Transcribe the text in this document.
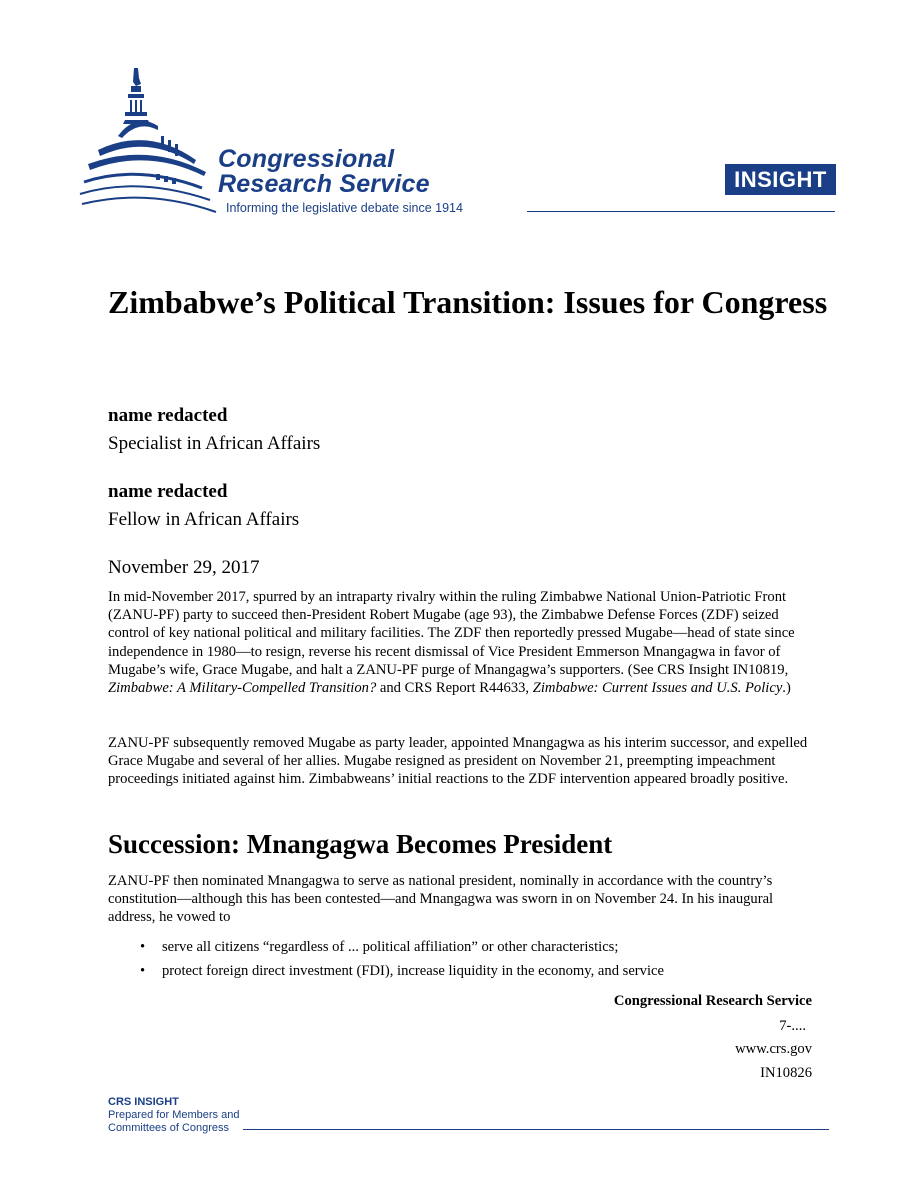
Congressional
Research Service
Informing the legislative debate since 1914
INSIGHT
Zimbabwe’s Political Transition: Issues for Congress
name redacted
Specialist in African Affairs
name redacted
Fellow in African Affairs
November 29, 2017

In mid-November 2017, spurred by an intraparty rivalry within the ruling Zimbabwe National Union-Patriotic Front (ZANU-PF) party to succeed then-President Robert Mugabe (age 93), the Zimbabwe Defense Forces (ZDF) seized control of key national political and military facilities. The ZDF then reportedly pressed Mugabe—head of state since independence in 1980—to resign, reverse his recent dismissal of Vice President Emmerson Mnangagwa in favor of Mugabe’s wife, Grace Mugabe, and halt a ZANU-PF purge of Mnangagwa’s supporters. (See CRS Insight IN10819, Zimbabwe: A Military-Compelled Transition? and CRS Report R44633, Zimbabwe: Current Issues and U.S. Policy.)

ZANU-PF subsequently removed Mugabe as party leader, appointed Mnangagwa as his interim successor, and expelled Grace Mugabe and several of her allies. Mugabe resigned as president on November 21, preempting impeachment proceedings initiated against him. Zimbabweans’ initial reactions to the ZDF intervention appeared broadly positive.

Succession: Mnangagwa Becomes President

ZANU-PF then nominated Mnangagwa to serve as national president, nominally in accordance with the country’s constitution—although this has been contested—and Mnangagwa was sworn in on November 24. In his inaugural address, he vowed to

• serve all citizens “regardless of ... political affiliation” or other characteristics;
• protect foreign direct investment (FDI), increase liquidity in the economy, and service
Congressional Research Service
7-....
www.crs.gov
IN10826
CRS INSIGHT
Prepared for Members and
Committees of Congress
